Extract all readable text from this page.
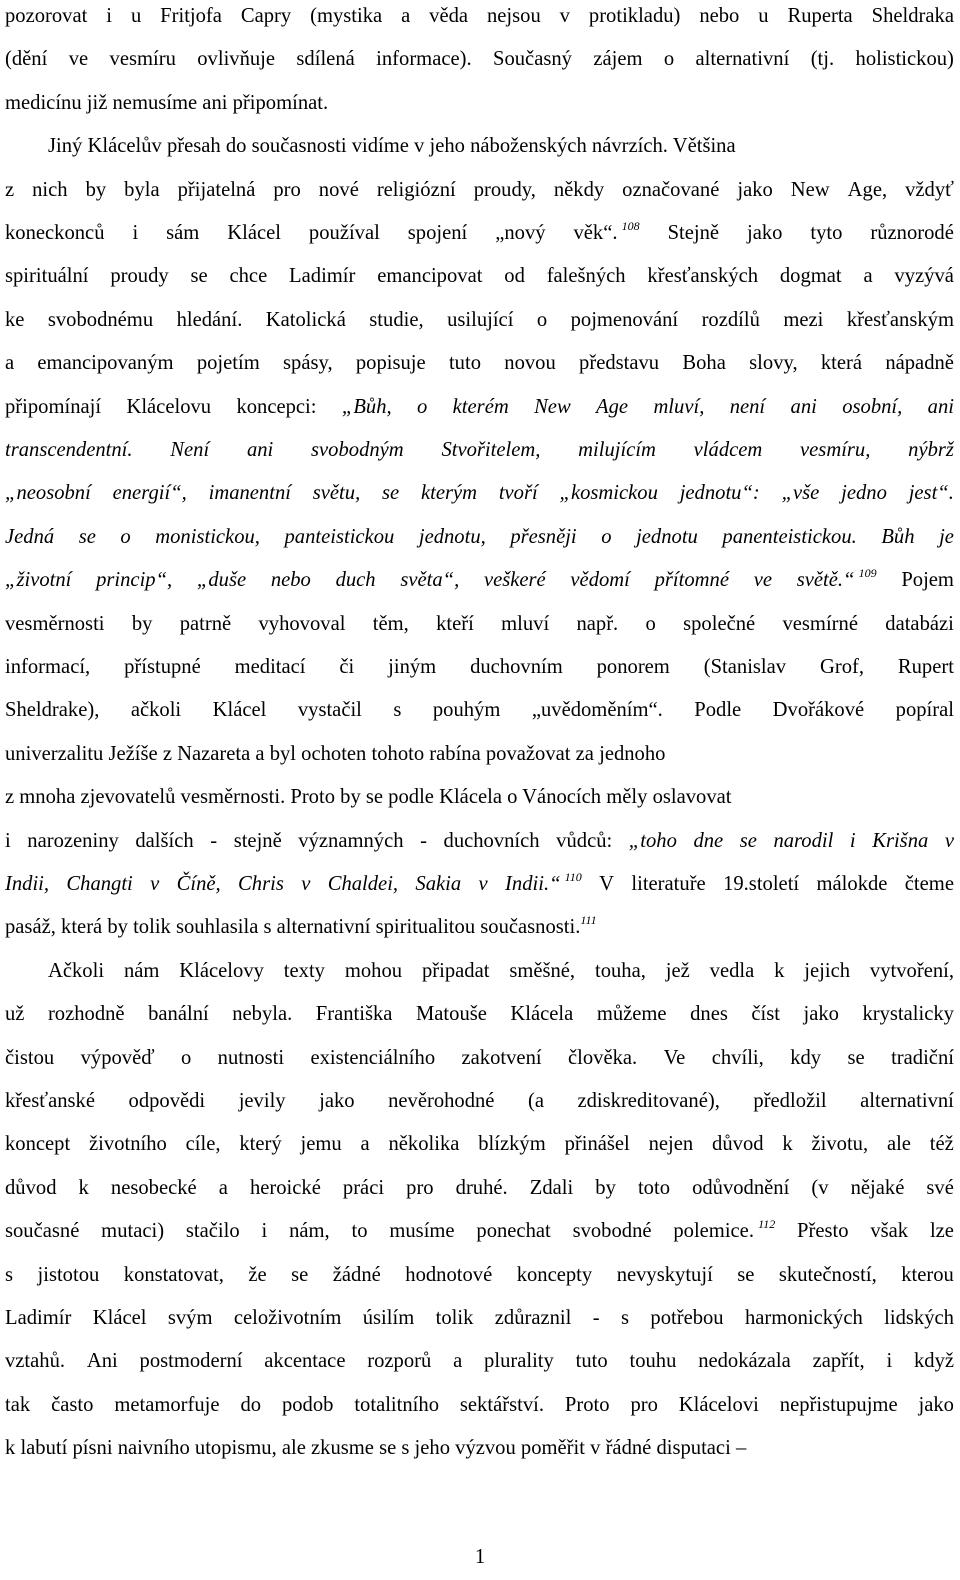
pozorovat i u Fritjofa Capry (mystika a věda nejsou v protikladu) nebo u Ruperta Sheldraka
(dění ve vesmíru ovlivňuje sdílená informace). Současný zájem o alternativní (tj. holistickou)
medicínu již nemusíme ani připomínat.
Jiný Klácelův přesah do současnosti vidíme v jeho náboženských návrzích. Většina
z nich by byla přijatelná pro nové religiózní proudy, někdy označované jako New Age, vždyť
koneckonců i sám Klácel používal spojení „nový věk“.  $^{108}$ Stejně jako tyto různorodé
spirituální proudy se chce Ladimír emancipovat od falešných křesťanských dogmat a vyzývá
ke svobodnému hledání. Katolická studie, usilující o pojmenování rozdílů mezi křesťanským
a emancipovaným pojetím spásy, popisuje tuto novou představu Boha slovy, která nápadně
připomínají Klácelovu koncepci: „Bůh, o kterém New Age mluví, není ani osobní, ani
transcendentní. Není ani svobodným Stvořitelem, milujícím vládcem vesmíru, nýbrž
„neosobní energií“, imanentní světu, se kterým tvoří „kosmickou jednotu“: „vše jedno jest“.
Jedná se o monistickou, panteistickou jednotu, přesněji o jednotu panenteistickou. Bůh je
„životní princip“, „duše nebo duch světa“, veškeré vědomí přítomné ve světě.“  $^{109}$ Pojem
vesměrnosti by patrně vyhovoval těm, kteří mluví např. o společné vesmírné databázi
informací, přístupné meditací či jiným duchovním ponorem (Stanislav Grof, Rupert
Sheldrake), ačkoli Klácel vystačil s pouhým „uvědoměním“. Podle Dvořákové popíral
univerzalitu Ježíše z Nazareta a byl ochoten tohoto rabína považovat za jednoho
z mnoha zjevovatelů vesměrnosti. Proto by se podle Klácela o Vánocích měly oslavovat
i narozeniny dalších - stejně významných - duchovních vůdců: „toho dne se narodil i Krišna v
Indii, Changti v Číně, Chris v Chaldei, Sakia v Indii.“  $^{110}$ V literatuře 19.století málokde čteme
pasáž, která by tolik souhlasila s alternativní spiritualitou současnosti.$^{111}$
Ačkoli nám Klácelovy texty mohou připadat směšné, touha, jež vedla k jejich vytvoření,
už rozhodně banální nebyla. Františka Matouše Klácela můžeme dnes číst jako krystalicky
čistou výpověď o nutnosti existenciálního zakotvení člověka. Ve chvíli, kdy se tradiční
křesťanské odpovědi jevily jako nevěrohodné (a zdiskreditované), předložil alternativní
koncept životního cíle, který jemu a několika blízkým přinášel nejen důvod k životu, ale též
důvod k nesobecké a heroické práci pro druhé. Zdali by toto odůvodnění (v nějaké své
současné mutaci) stačilo i nám, to musíme ponechat svobodné polemice.  $^{112}$ Přesto však lze
s jistotou konstatovat, že se žádné hodnotové koncepty nevyskytují se skutečností, kterou
Ladimír Klácel svým celoživotním úsilím tolik zdůraznil - s potřebou harmonických lidských
vztahů. Ani postmoderní akcentace rozporů a plurality tuto touhu nedokázala zapřít, i když
tak často metamorfuje do podob totalitního sektářství. Proto pro Klácelovi nepřistupujme jako
k labutí písni naivního utopismu, ale zkusme se s jeho výzvou poměřit v řádné disputaci –
1
